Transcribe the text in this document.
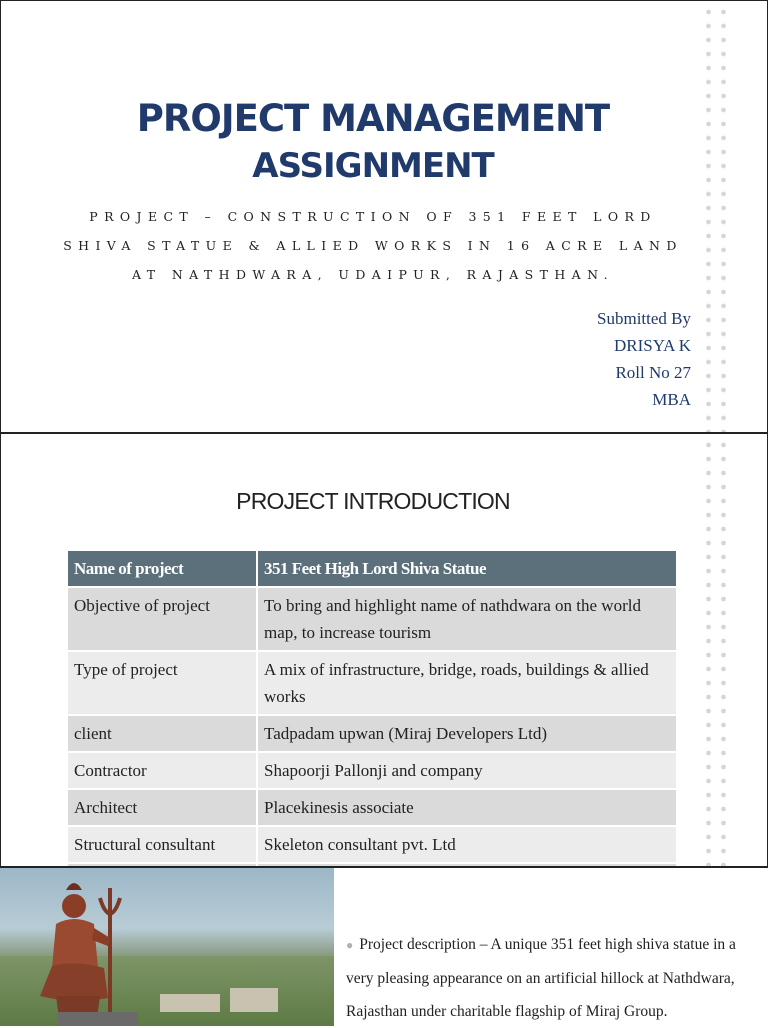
PROJECT MANAGEMENT
ASSIGNMENT
PROJECT – CONSTRUCTION OF 351 FEET LORD
SHIVA STATUE & ALLIED WORKS IN 16 ACRE LAND
AT NATHDWARA, UDAIPUR, RAJASTHAN.
Submitted By
DRISYA K
Roll No 27
MBA
PROJECT INTRODUCTION
Name of project	351 Feet High Lord Shiva Statue
Objective of project	To bring and highlight name of nathdwara on the world map, to increase tourism
Type of project	A mix of infrastructure, bridge, roads, buildings & allied works
client	Tadpadam upwan (Miraj Developers Ltd)
Contractor	Shapoorji Pallonji and company
Architect	Placekinesis associate
Structural consultant	Skeleton consultant pvt. Ltd

● Project description – A unique 351 feet high shiva statue in a very pleasing appearance on an artificial hillock at Nathdwara, Rajasthan under charitable flagship of Miraj Group.
